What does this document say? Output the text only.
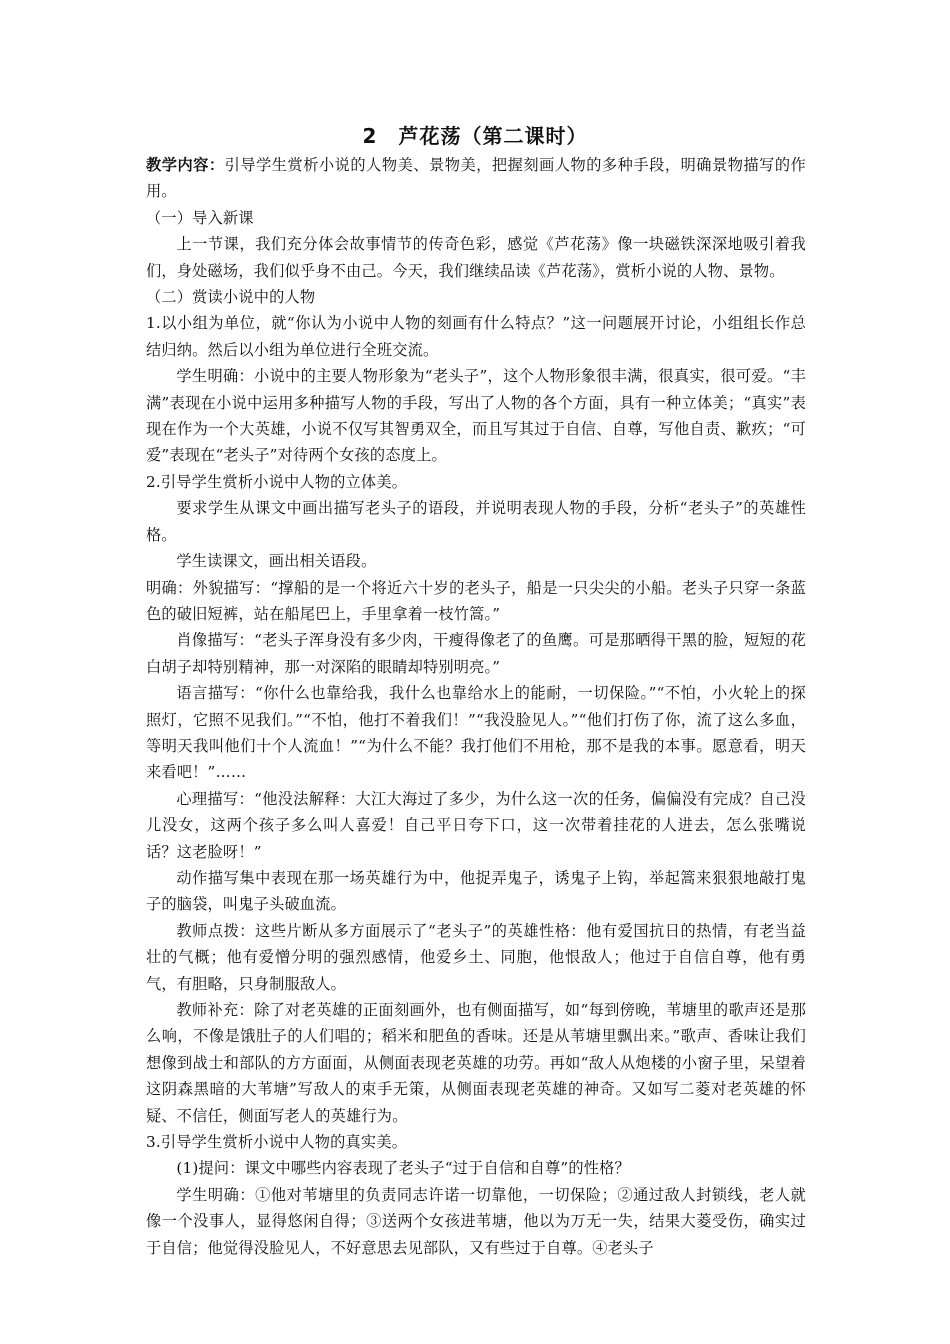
2　芦花荡（第二课时）

教学内容：引导学生赏析小说的人物美、景物美，把握刻画人物的多种手段，明确景物描写的作用。

（一）导入新课

上一节课，我们充分体会故事情节的传奇色彩，感觉《芦花荡》像一块磁铁深深地吸引着我们，身处磁场，我们似乎身不由己。今天，我们继续品读《芦花荡》，赏析小说的人物、景物。

（二）赏读小说中的人物

1.以小组为单位，就“你认为小说中人物的刻画有什么特点？”这一问题展开讨论，小组组长作总结归纳。然后以小组为单位进行全班交流。

学生明确：小说中的主要人物形象为“老头子”，这个人物形象很丰满，很真实，很可爱。“丰满”表现在小说中运用多种描写人物的手段，写出了人物的各个方面，具有一种立体美；“真实”表现在作为一个大英雄，小说不仅写其智勇双全，而且写其过于自信、自尊，写他自责、歉疚；“可爱”表现在“老头子”对待两个女孩的态度上。

2.引导学生赏析小说中人物的立体美。

要求学生从课文中画出描写老头子的语段，并说明表现人物的手段，分析“老头子”的英雄性格。

学生读课文，画出相关语段。

明确：外貌描写：“撑船的是一个将近六十岁的老头子，船是一只尖尖的小船。老头子只穿一条蓝色的破旧短裤，站在船尾巴上，手里拿着一枝竹篙。”

肖像描写：“老头子浑身没有多少肉，干瘦得像老了的鱼鹰。可是那晒得干黑的脸，短短的花白胡子却特别精神，那一对深陷的眼睛却特别明亮。”

语言描写：“你什么也靠给我，我什么也靠给水上的能耐，一切保险。”“不怕，小火轮上的探照灯，它照不见我们。”“不怕，他打不着我们！”“我没脸见人。”“他们打伤了你，流了这么多血，等明天我叫他们十个人流血！”“为什么不能？我打他们不用枪，那不是我的本事。愿意看，明天来看吧！”……

心理描写：“他没法解释：大江大海过了多少，为什么这一次的任务，偏偏没有完成？自己没儿没女，这两个孩子多么叫人喜爱！自己平日夸下口，这一次带着挂花的人进去，怎么张嘴说话？这老脸呀！”

动作描写集中表现在那一场英雄行为中，他捉弄鬼子，诱鬼子上钩，举起篙来狠狠地敲打鬼子的脑袋，叫鬼子头破血流。

教师点拨：这些片断从多方面展示了“老头子”的英雄性格：他有爱国抗日的热情，有老当益壮的气概；他有爱憎分明的强烈感情，他爱乡土、同胞，他恨敌人；他过于自信自尊，他有勇气，有胆略，只身制服敌人。

教师补充：除了对老英雄的正面刻画外，也有侧面描写，如“每到傍晚，苇塘里的歌声还是那么响，不像是饿肚子的人们唱的；稻米和肥鱼的香味。还是从苇塘里飘出来。”歌声、香味让我们想像到战士和部队的方方面面，从侧面表现老英雄的功劳。再如“敌人从炮楼的小窗子里，呆望着这阴森黑暗的大苇塘”写敌人的束手无策，从侧面表现老英雄的神奇。又如写二菱对老英雄的怀疑、不信任，侧面写老人的英雄行为。

3.引导学生赏析小说中人物的真实美。

(1)提问：课文中哪些内容表现了老头子“过于自信和自尊”的性格？

学生明确：①他对苇塘里的负责同志许诺一切靠他，一切保险；②通过敌人封锁线，老人就像一个没事人，显得悠闲自得；③送两个女孩进苇塘，他以为万无一失，结果大菱受伤，确实过于自信；他觉得没脸见人，不好意思去见部队，又有些过于自尊。④老头子
